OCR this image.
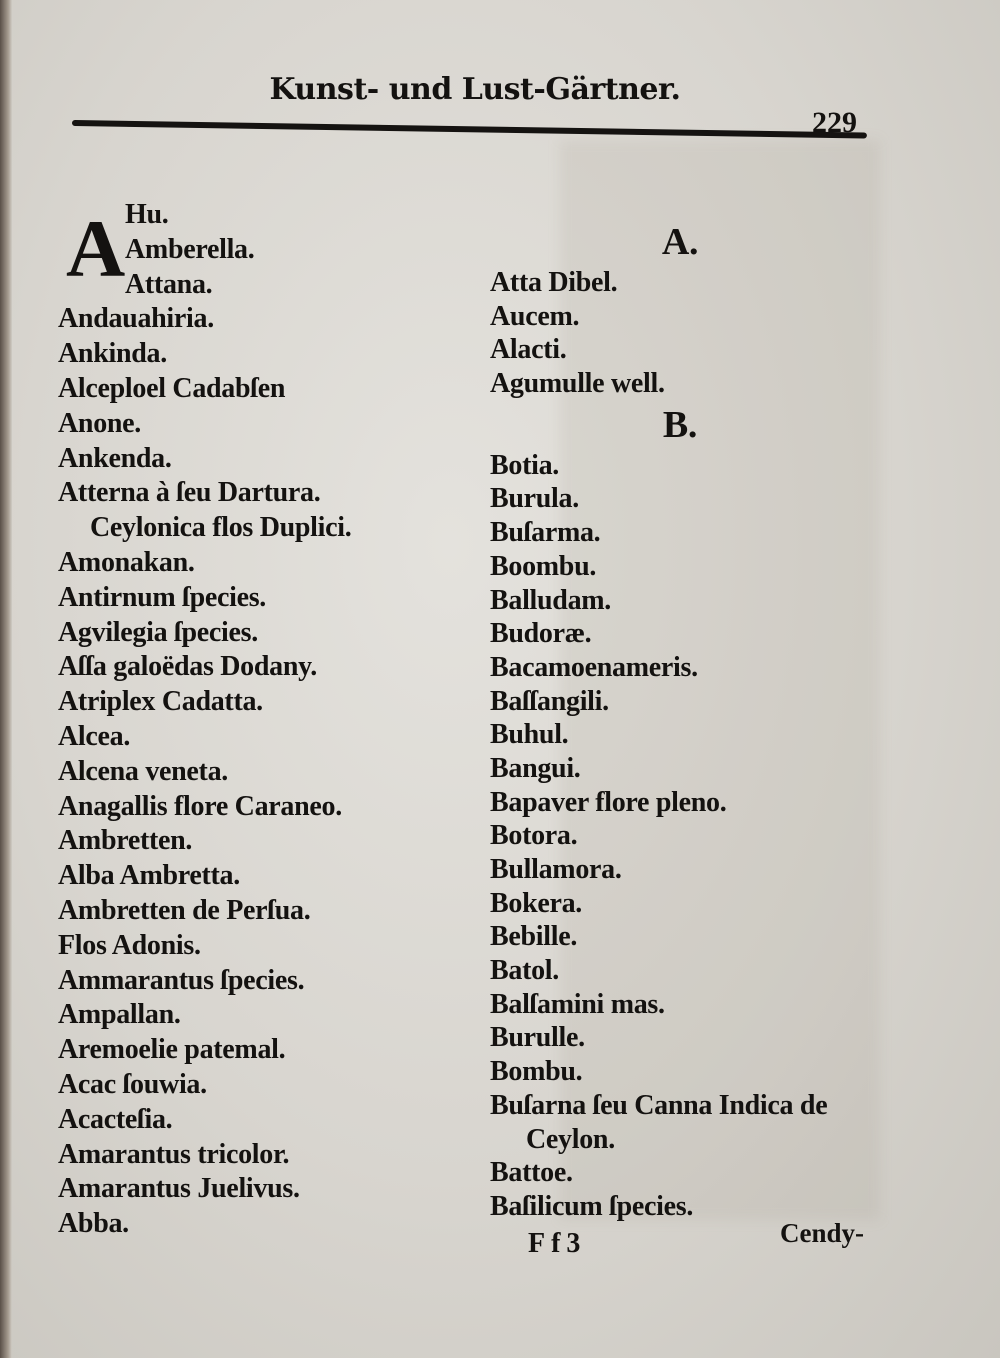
Kunst- und Lust-Gärtner.
229
A Hu.
Amberella.
Attana.
Andauahiria.
Ankinda.
Alceploel Cadabſen
Anone.
Ankenda.
Atterna à ſeu Dartura.
Ceylonica flos Duplici.
Amonakan.
Antirnum ſpecies.
Agvilegia ſpecies.
Aſſa galoëdas Dodany.
Atriplex Cadatta.
Alcea.
Alcena veneta.
Anagallis flore Caraneo.
Ambretten.
Alba Ambretta.
Ambretten de Perſua.
Flos Adonis.
Ammarantus ſpecies.
Ampallan.
Aremoelie patemal.
Acac ſouwia.
Acacteſia.
Amarantus tricolor.
Amarantus Juelivus.
Abba.
A.
Atta Dibel.
Aucem.
Alacti.
Agumulle well.
B.
Botia.
Burula.
Buſarma.
Boombu.
Balludam.
Budoræ.
Bacamoenameris.
Baſſangili.
Buhul.
Bangui.
Bapaver flore pleno.
Botora.
Bullamora.
Bokera.
Bebille.
Batol.
Balſamini mas.
Burulle.
Bombu.
Buſarna ſeu Canna Indica de
Ceylon.
Battoe.
Baſilicum ſpecies.
Ff3	Cendy-
